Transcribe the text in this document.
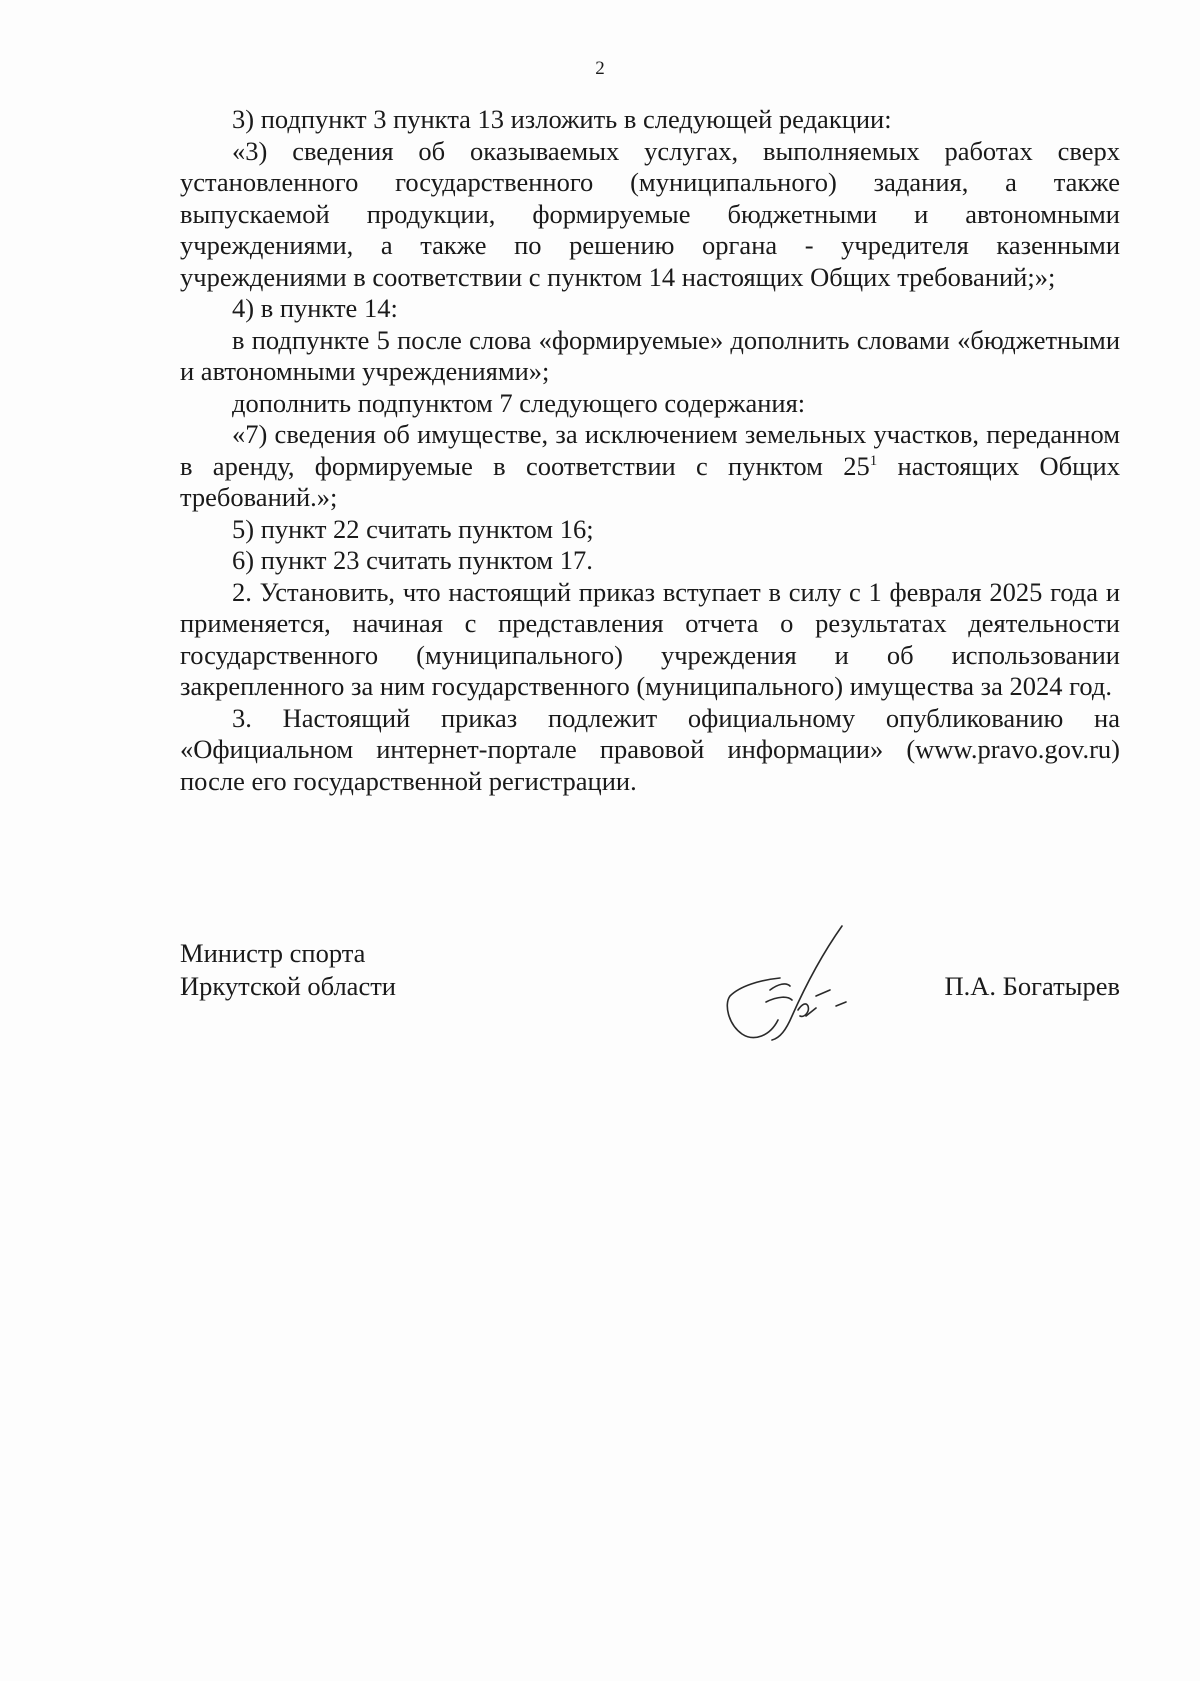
2

3) подпункт 3 пункта 13 изложить в следующей редакции:

«3) сведения об оказываемых услугах, выполняемых работах сверх установленного государственного (муниципального) задания, а также выпускаемой продукции, формируемые бюджетными и автономными учреждениями, а также по решению органа - учредителя казенными учреждениями в соответствии с пунктом 14 настоящих Общих требований;»;

4) в пункте 14:

в подпункте 5 после слова «формируемые» дополнить словами «бюджетными и автономными учреждениями»;

дополнить подпунктом 7 следующего содержания:

«7) сведения об имуществе, за исключением земельных участков, переданном в аренду, формируемые в соответствии с пунктом $25^1$ настоящих Общих требований.»;

5) пункт 22 считать пунктом 16;

6) пункт 23 считать пунктом 17.

2. Установить, что настоящий приказ вступает в силу с 1 февраля 2025 года и применяется, начиная с представления отчета о результатах деятельности государственного (муниципального) учреждения и об использовании закрепленного за ним государственного (муниципального) имущества за 2024 год.

3. Настоящий приказ подлежит официальному опубликованию на «Официальном интернет-портале правовой информации» (www.pravo.gov.ru) после его государственной регистрации.

Министр спорта
Иркутской области	П.А. Богатырев
